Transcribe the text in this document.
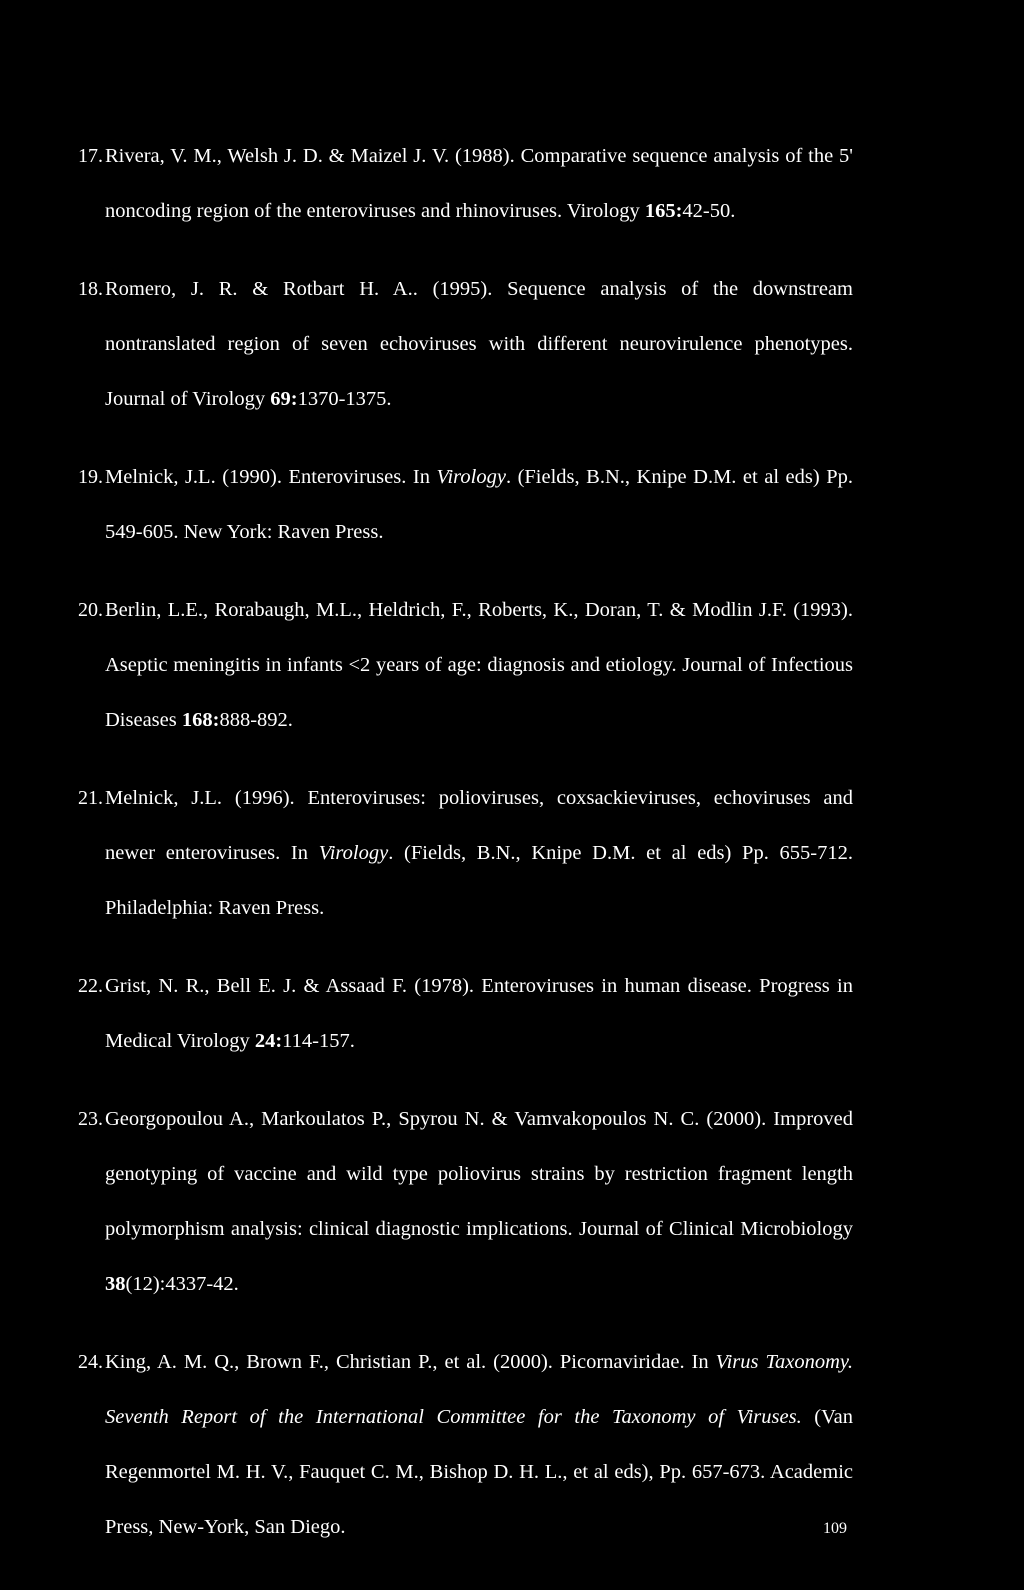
17. Rivera, V. M., Welsh J. D. & Maizel J. V. (1988). Comparative sequence analysis of the 5' noncoding region of the enteroviruses and rhinoviruses. Virology 165:42-50.
18. Romero, J. R. & Rotbart H. A.. (1995). Sequence analysis of the downstream nontranslated region of seven echoviruses with different neurovirulence phenotypes. Journal of Virology 69:1370-1375.
19. Melnick, J.L. (1990). Enteroviruses. In Virology. (Fields, B.N., Knipe D.M. et al eds) Pp. 549-605. New York: Raven Press.
20. Berlin, L.E., Rorabaugh, M.L., Heldrich, F., Roberts, K., Doran, T. & Modlin J.F. (1993). Aseptic meningitis in infants <2 years of age: diagnosis and etiology. Journal of Infectious Diseases 168:888-892.
21. Melnick, J.L. (1996). Enteroviruses: polioviruses, coxsackieviruses, echoviruses and newer enteroviruses. In Virology. (Fields, B.N., Knipe D.M. et al eds) Pp. 655-712. Philadelphia: Raven Press.
22. Grist, N. R., Bell E. J. & Assaad F. (1978). Enteroviruses in human disease. Progress in Medical Virology 24:114-157.
23. Georgopoulou A., Markoulatos P., Spyrou N. & Vamvakopoulos N. C. (2000). Improved genotyping of vaccine and wild type poliovirus strains by restriction fragment length polymorphism analysis: clinical diagnostic implications. Journal of Clinical Microbiology 38(12):4337-42.
24. King, A. M. Q., Brown F., Christian P., et al. (2000). Picornaviridae. In Virus Taxonomy. Seventh Report of the International Committee for the Taxonomy of Viruses. (Van Regenmortel M. H. V., Fauquet C. M., Bishop D. H. L., et al eds), Pp. 657-673. Academic Press, New-York, San Diego.	109
